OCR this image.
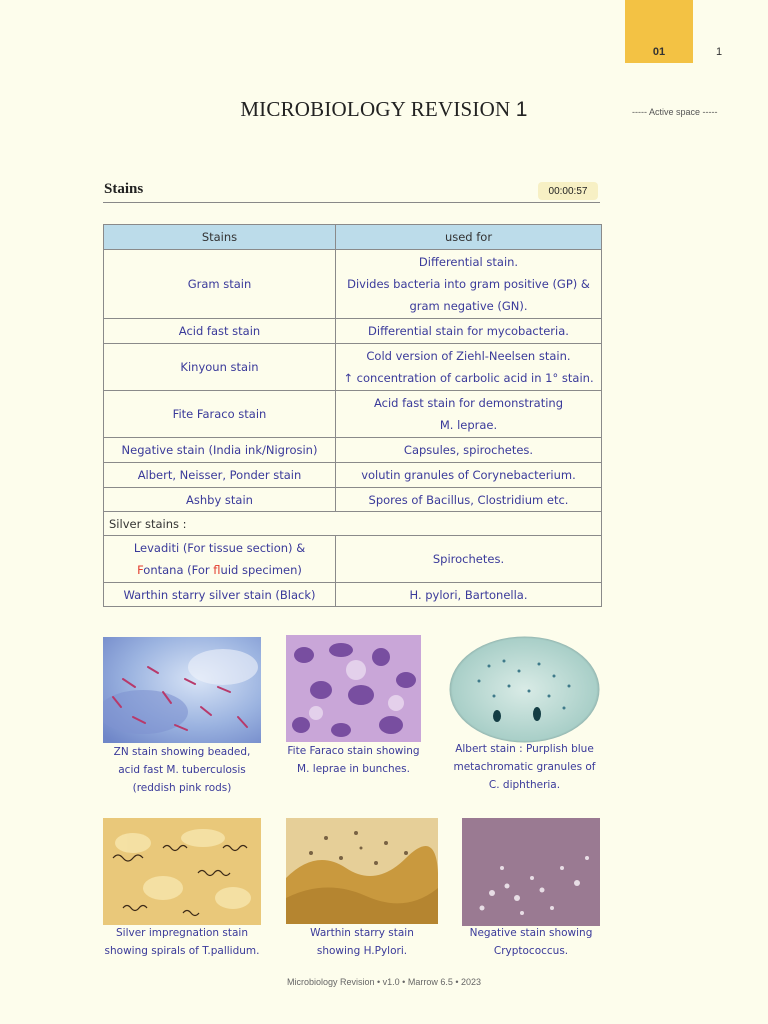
01	1
MICROBIOLOGY REVISION 1	----- Active space -----
Stains	00:00:57
Stains	used for
Gram stain	Differential stain.
Divides bacteria into gram positive (GP) &
gram negative (GN).

Acid fast stain	Differential stain for mycobacteria.

Kinyoun stain	Cold version of Ziehl-Neelsen stain.
↑ concentration of carbolic acid in 1° stain.

Fite Faraco stain	Acid fast stain for demonstrating
M. leprae.

Negative stain (India ink/Nigrosin)	Capsules, spirochetes.

Albert, Neisser, Ponder stain	volutin granules of Corynebacterium.

Ashby stain	Spores of Bacillus, Clostridium etc.

Silver stains :	

Levaditi (For tissue section) &
Fontana (For fluid specimen)	Spirochetes.
Warthin starry silver stain (Black)	H. pylori, Bartonella.
ZN stain showing beaded,
acid fast M. tuberculosis
(reddish pink rods)
Fite Faraco stain showing
M. leprae in bunches.
Albert stain : Purplish blue
metachromatic granules of
C. diphtheria.
Silver impregnation stain
showing spirals of T.pallidum.
Warthin starry stain
showing H.Pylori.
Negative stain showing
Cryptococcus.
Microbiology Revision • v1.0 • Marrow 6.5 • 2023
